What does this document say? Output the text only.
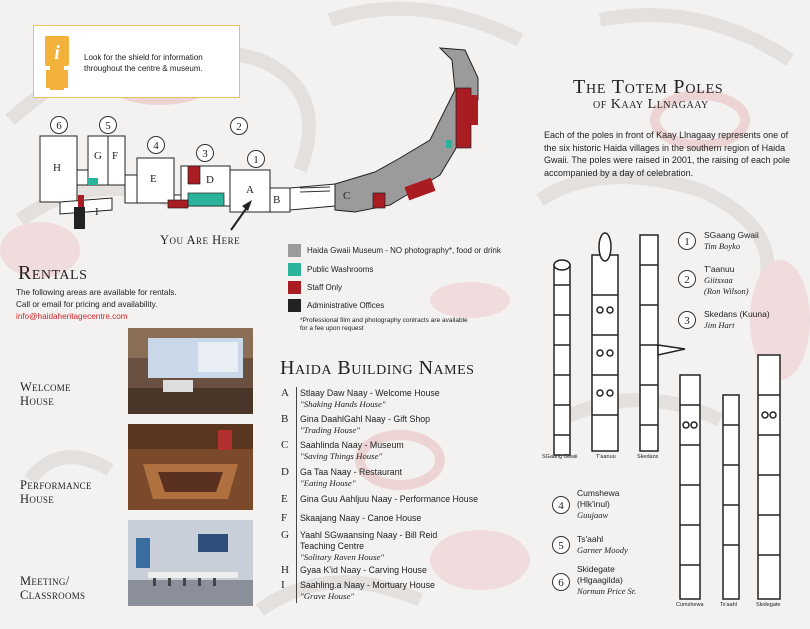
i	Look for the shield for information
throughout the centre & museum.
H
G F
E	D
A
B	C
I
6	5
4
3
2
1
You Are Here
Haida Gwaii Museum - NO photography*, food or drink
Public Washrooms
Staff Only
Administrative Offices
*Professional film and photography contracts are available
for a fee upon request
Rentals
The following areas are available for rentals.
Call or email for pricing and availability.
info@haidaheritagecentre.com
Welcome
House
Performance
House
Meeting/
Classrooms
The Totem Poles
of Kaay Llnagaay
Each of the poles in front of Kaay Llnagaay represents one of the six historic Haida villages in the southern region of Haida Gwaii. The poles were raised in 2001, the raising of each pole accompanied by a day of celebration.
SGaang Gwaii	T'aanuu	Skedans
Cumshewa	Ts'aahl	Skidegate
1
SGaang Gwaii
Tim Boyko
2
T'aanuu
Giitsxaa
(Ron Wilson)
3
Skedans (Kuuna)
Jim Hart
4
Cumshewa
(Hlk'inul)
Guujaaw
5
Ts'aahl
Garner Moody
6
Skidegate
(Hlgaagilda)
Norman Price Sr.
Haida Building Names
A Stlaay Daw Naay - Welcome House
"Shaking Hands House"
B Gina DaahlGahl Naay - Gift Shop
"Trading House"
C Saahlinda Naay - Museum
"Saving Things House"
D Ga Taa Naay - Restaurant
"Eating House"
E Gina Guu Aahljuu Naay - Performance House
F Skaajang Naay - Canoe House
G Yaahl SGwaansing Naay - Bill Reid Teaching Centre
"Solitary Raven House"
H Gyaa K'id Naay - Carving House
I Saahling.a Naay - Mortuary House
"Grave House"
